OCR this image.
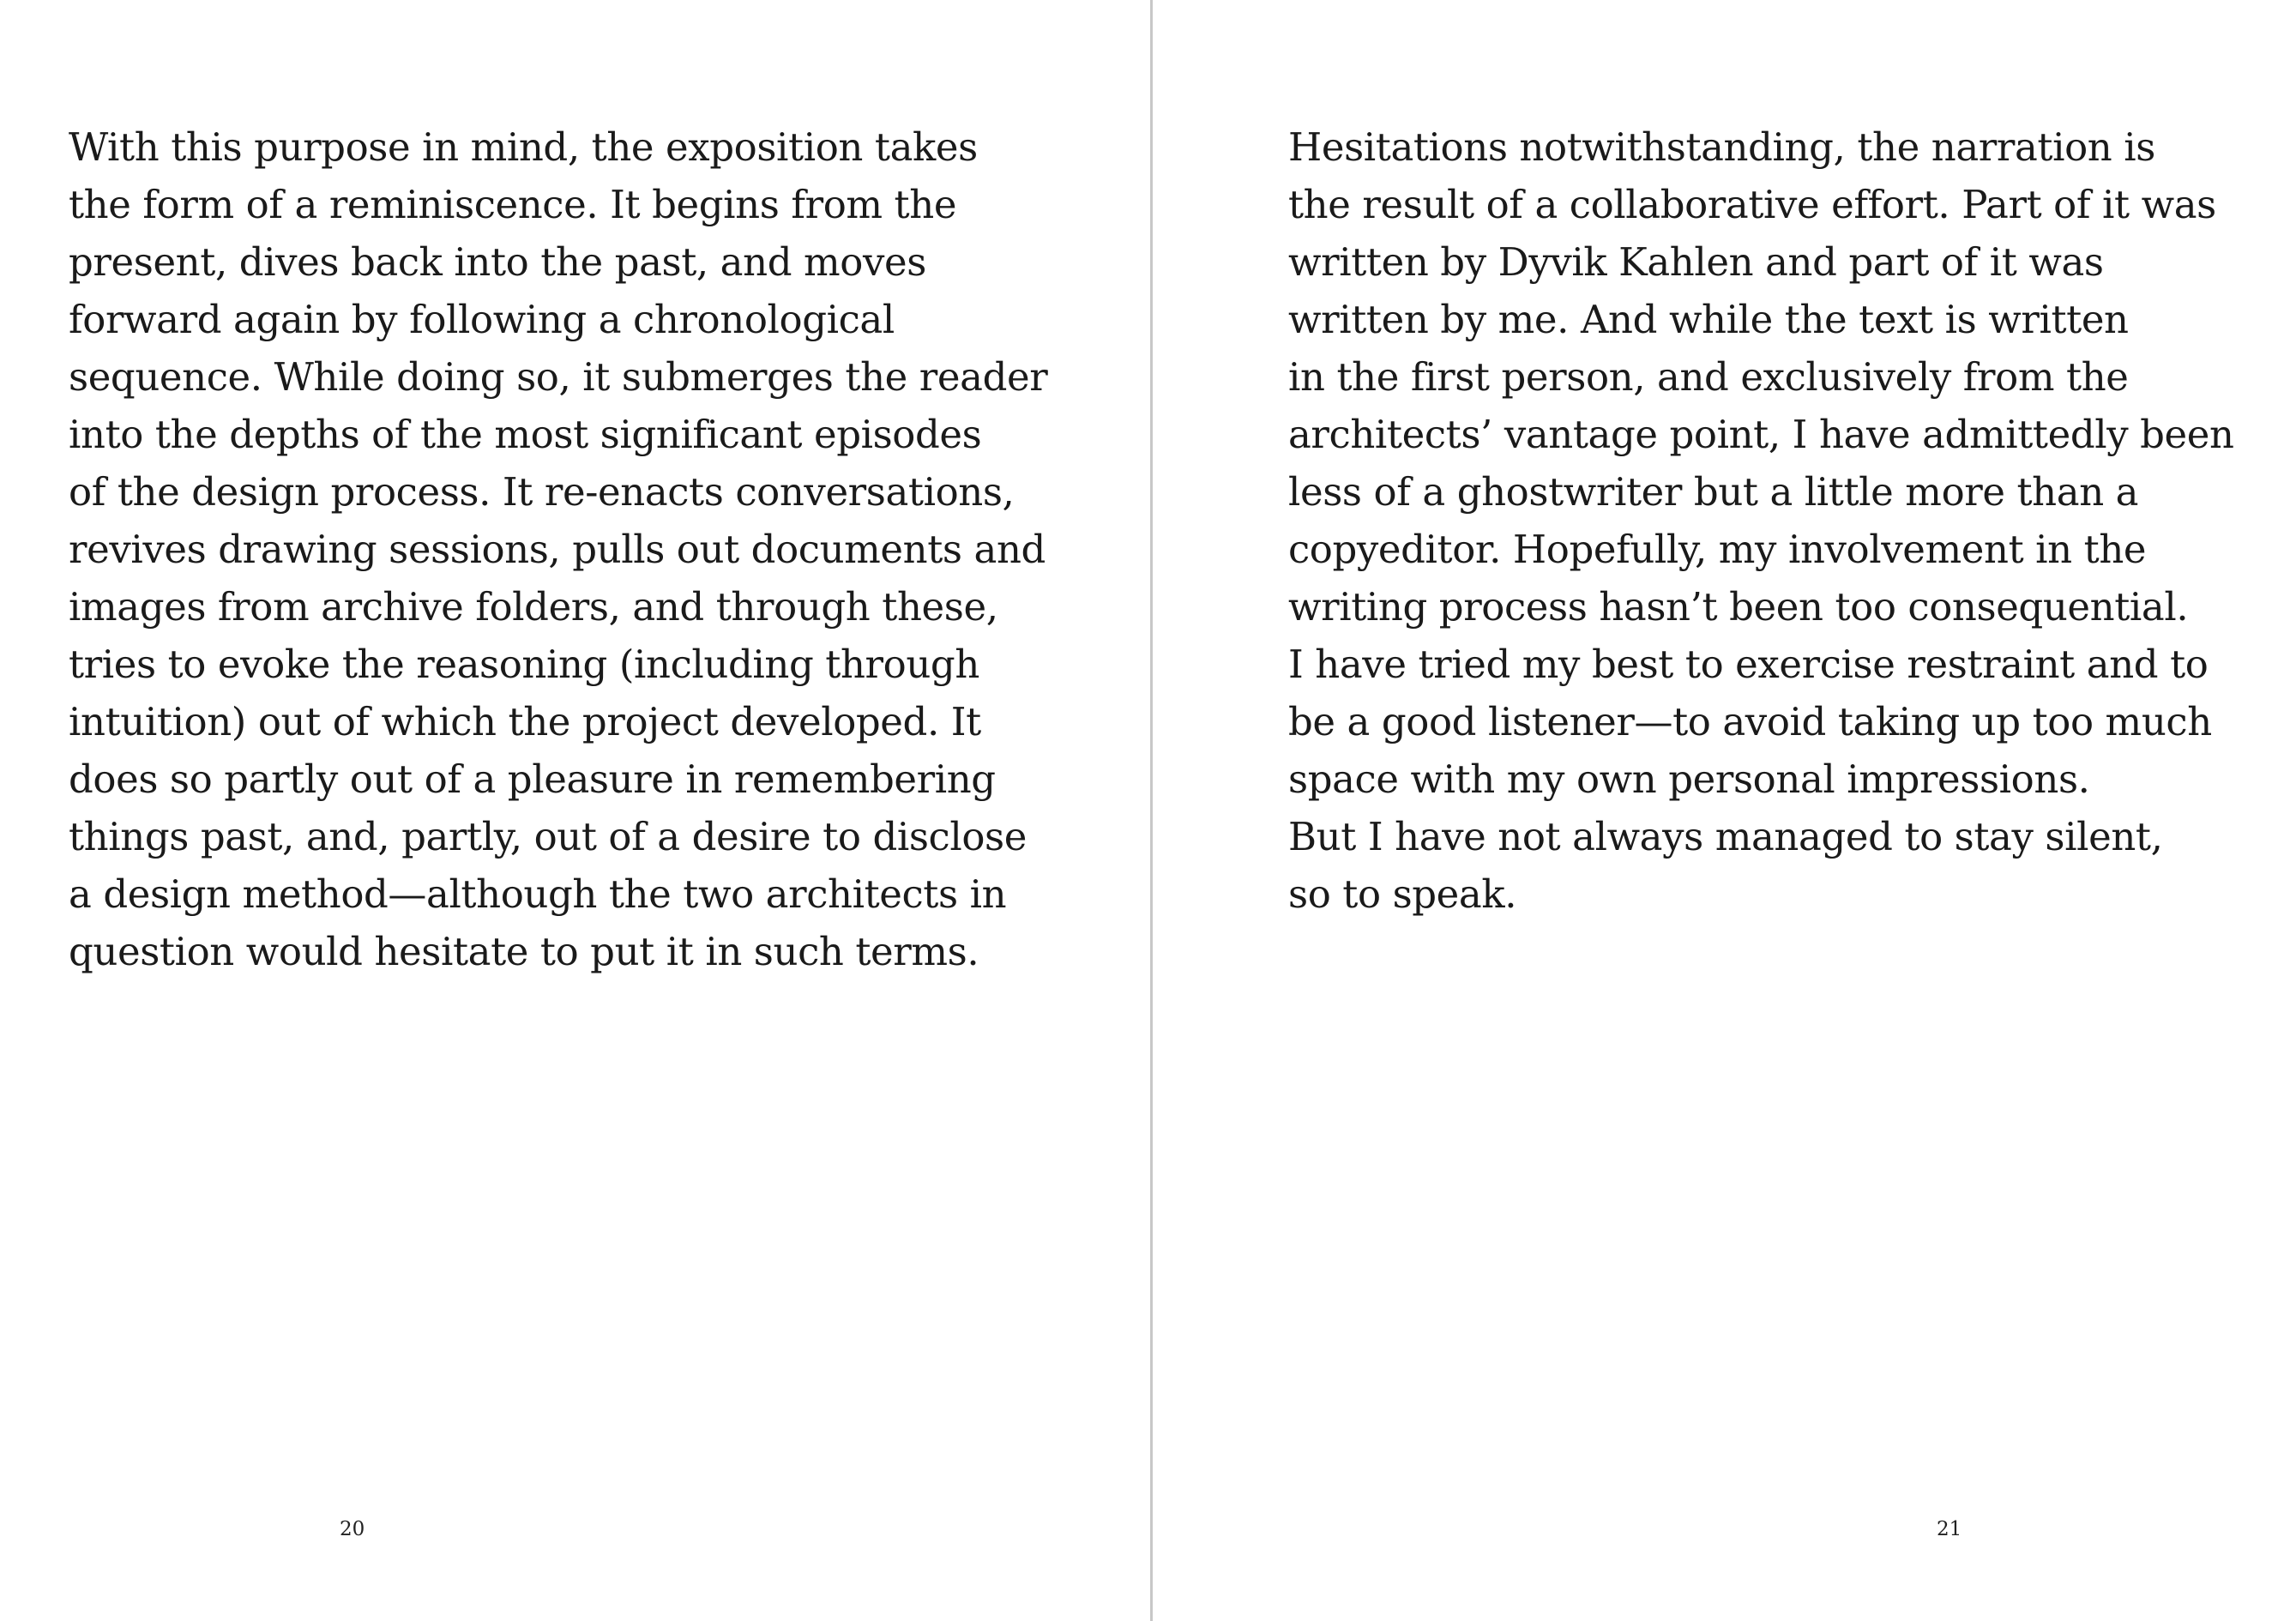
With this purpose in mind, the exposition takes
the form of a reminiscence. It begins from the
present, dives back into the past, and moves
forward again by following a chronological
sequence. While doing so, it submerges the reader
into the depths of the most significant episodes
of the design process. It re-enacts conversations,
revives drawing sessions, pulls out documents and
images from archive folders, and through these,
tries to evoke the reasoning (including through
intuition) out of which the project developed. It
does so partly out of a pleasure in remembering
things past, and, partly, out of a desire to disclose
a design method—although the two architects in
question would hesitate to put it in such terms.
20
Hesitations notwithstanding, the narration is
the result of a collaborative effort. Part of it was
written by Dyvik Kahlen and part of it was
written by me. And while the text is written
in the first person, and exclusively from the
architects’ vantage point, I have admittedly been
less of a ghostwriter but a little more than a
copyeditor. Hopefully, my involvement in the
writing process hasn’t been too consequential.
I have tried my best to exercise restraint and to
be a good listener—to avoid taking up too much
space with my own personal impressions.
But I have not always managed to stay silent,
so to speak.
21
